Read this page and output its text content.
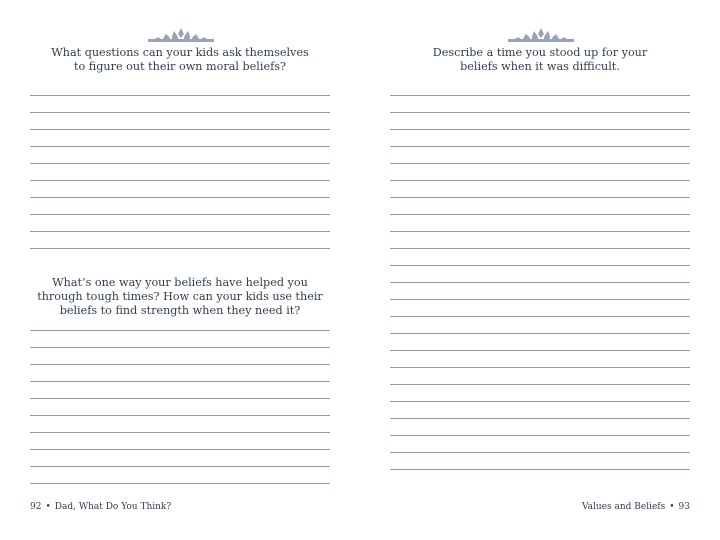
What questions can your kids ask themselves
to figure out their own moral beliefs?
What’s one way your beliefs have helped you
through tough times? How can your kids use their
beliefs to find strength when they need it?
92 • Dad, What Do You Think?
Describe a time you stood up for your
beliefs when it was difficult.
Values and Beliefs • 93
